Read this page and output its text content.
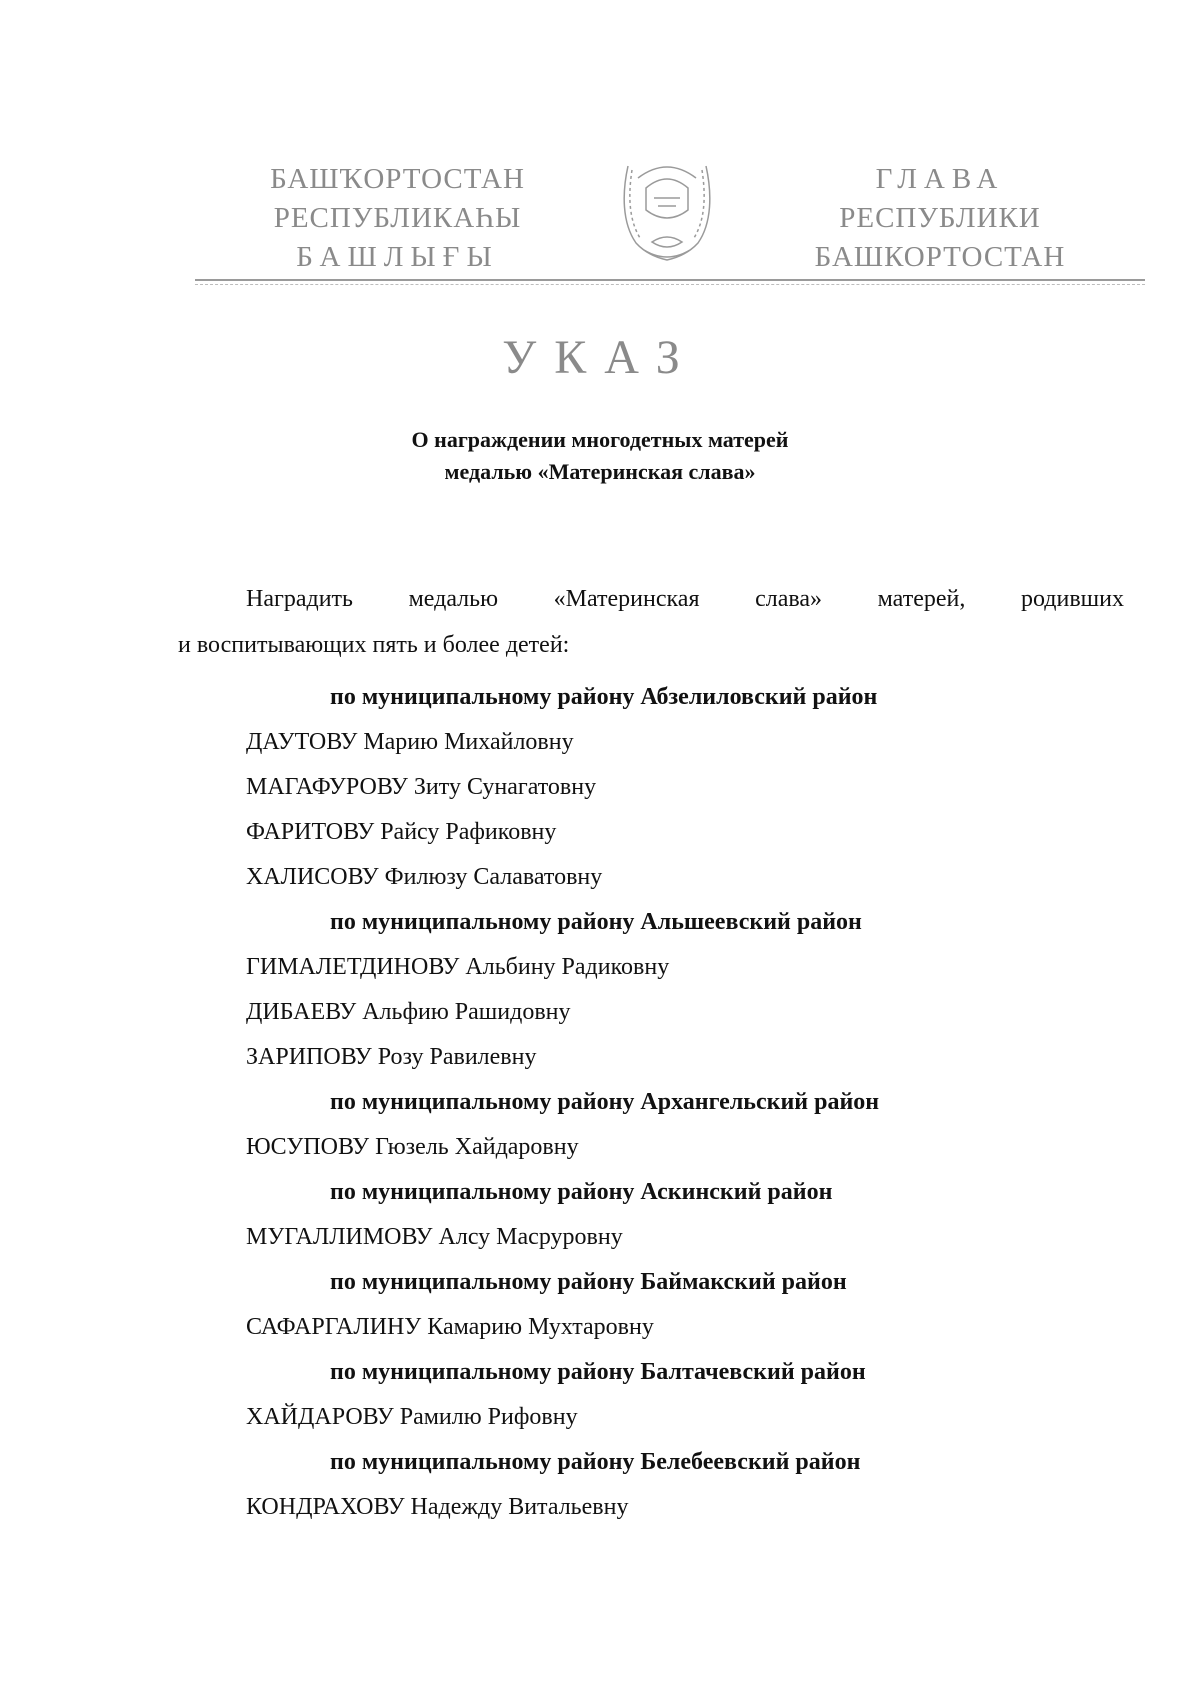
БАШҠОРТОСТАН
РЕСПУБЛИКАҺЫ
БАШЛЫҒЫ
ГЛАВА
РЕСПУБЛИКИ
БАШКОРТОСТАН
УКАЗ
О награждении многодетных матерей
медалью «Материнская слава»
Наградить медалью «Материнская слава» матерей, родивших
и воспитывающих пять и более детей:
по муниципальному району Абзелиловский район
ДАУТОВУ Марию Михайловну
МАГАФУРОВУ Зиту Сунагатовну
ФАРИТОВУ Райсу Рафиковну
ХАЛИСОВУ Филюзу Салаватовну
по муниципальному району Альшеевский район
ГИМАЛЕТДИНОВУ Альбину Радиковну
ДИБАЕВУ Альфию Рашидовну
ЗАРИПОВУ Розу Равилевну
по муниципальному району Архангельский район
ЮСУПОВУ Гюзель Хайдаровну
по муниципальному району Аскинский район
МУГАЛЛИМОВУ Алсу Масруровну
по муниципальному району Баймакский район
САФАРГАЛИНУ Камарию Мухтаровну
по муниципальному району Балтачевский район
ХАЙДАРОВУ Рамилю Рифовну
по муниципальному району Белебеевский район
КОНДРАХОВУ Надежду Витальевну
